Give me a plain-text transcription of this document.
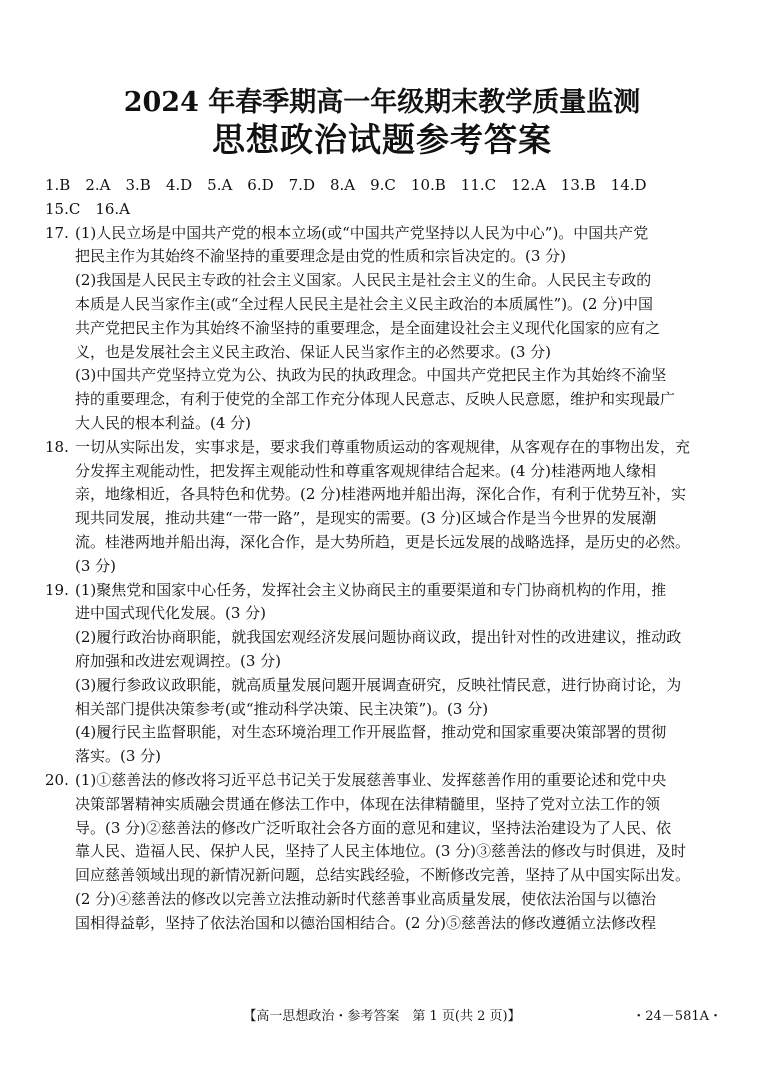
2024 年春季期高一年级期末教学质量监测
思想政治试题参考答案
1.B　2.A　3.B　4.D　5.A　6.D　7.D　8.A　9.C　10.B　11.C　12.A　13.B　14.D
15.C　16.A
17. (1)人民立场是中国共产党的根本立场(或“中国共产党坚持以人民为中心”)。中国共产党
把民主作为其始终不渝坚持的重要理念是由党的性质和宗旨决定的。(3 分)
(2)我国是人民民主专政的社会主义国家。人民民主是社会主义的生命。人民民主专政的
本质是人民当家作主(或“全过程人民民主是社会主义民主政治的本质属性”)。(2 分)中国
共产党把民主作为其始终不渝坚持的重要理念，是全面建设社会主义现代化国家的应有之
义，也是发展社会主义民主政治、保证人民当家作主的必然要求。(3 分)
(3)中国共产党坚持立党为公、执政为民的执政理念。中国共产党把民主作为其始终不渝坚
持的重要理念，有利于使党的全部工作充分体现人民意志、反映人民意愿，维护和实现最广
大人民的根本利益。(4 分)
18. 一切从实际出发，实事求是，要求我们尊重物质运动的客观规律，从客观存在的事物出发，充
分发挥主观能动性，把发挥主观能动性和尊重客观规律结合起来。(4 分)桂港两地人缘相
亲，地缘相近，各具特色和优势。(2 分)桂港两地并船出海，深化合作，有利于优势互补，实
现共同发展，推动共建“一带一路”，是现实的需要。(3 分)区域合作是当今世界的发展潮
流。桂港两地并船出海，深化合作，是大势所趋，更是长远发展的战略选择，是历史的必然。
(3 分)
19. (1)聚焦党和国家中心任务，发挥社会主义协商民主的重要渠道和专门协商机构的作用，推
进中国式现代化发展。(3 分)
(2)履行政治协商职能，就我国宏观经济发展问题协商议政，提出针对性的改进建议，推动政
府加强和改进宏观调控。(3 分)
(3)履行参政议政职能，就高质量发展问题开展调查研究，反映社情民意，进行协商讨论，为
相关部门提供决策参考(或“推动科学决策、民主决策”)。(3 分)
(4)履行民主监督职能，对生态环境治理工作开展监督，推动党和国家重要决策部署的贯彻
落实。(3 分)
20. (1)①慈善法的修改将习近平总书记关于发展慈善事业、发挥慈善作用的重要论述和党中央
决策部署精神实质融会贯通在修法工作中，体现在法律精髓里，坚持了党对立法工作的领
导。(3 分)②慈善法的修改广泛听取社会各方面的意见和建议，坚持法治建设为了人民、依
靠人民、造福人民、保护人民，坚持了人民主体地位。(3 分)③慈善法的修改与时俱进，及时
回应慈善领域出现的新情况新问题，总结实践经验，不断修改完善，坚持了从中国实际出发。
(2 分)④慈善法的修改以完善立法推动新时代慈善事业高质量发展，使依法治国与以德治
国相得益彰，坚持了依法治国和以德治国相结合。(2 分)⑤慈善法的修改遵循立法修改程
【高一思想政治・参考答案　第 1 页(共 2 页)】	・24－581A・
